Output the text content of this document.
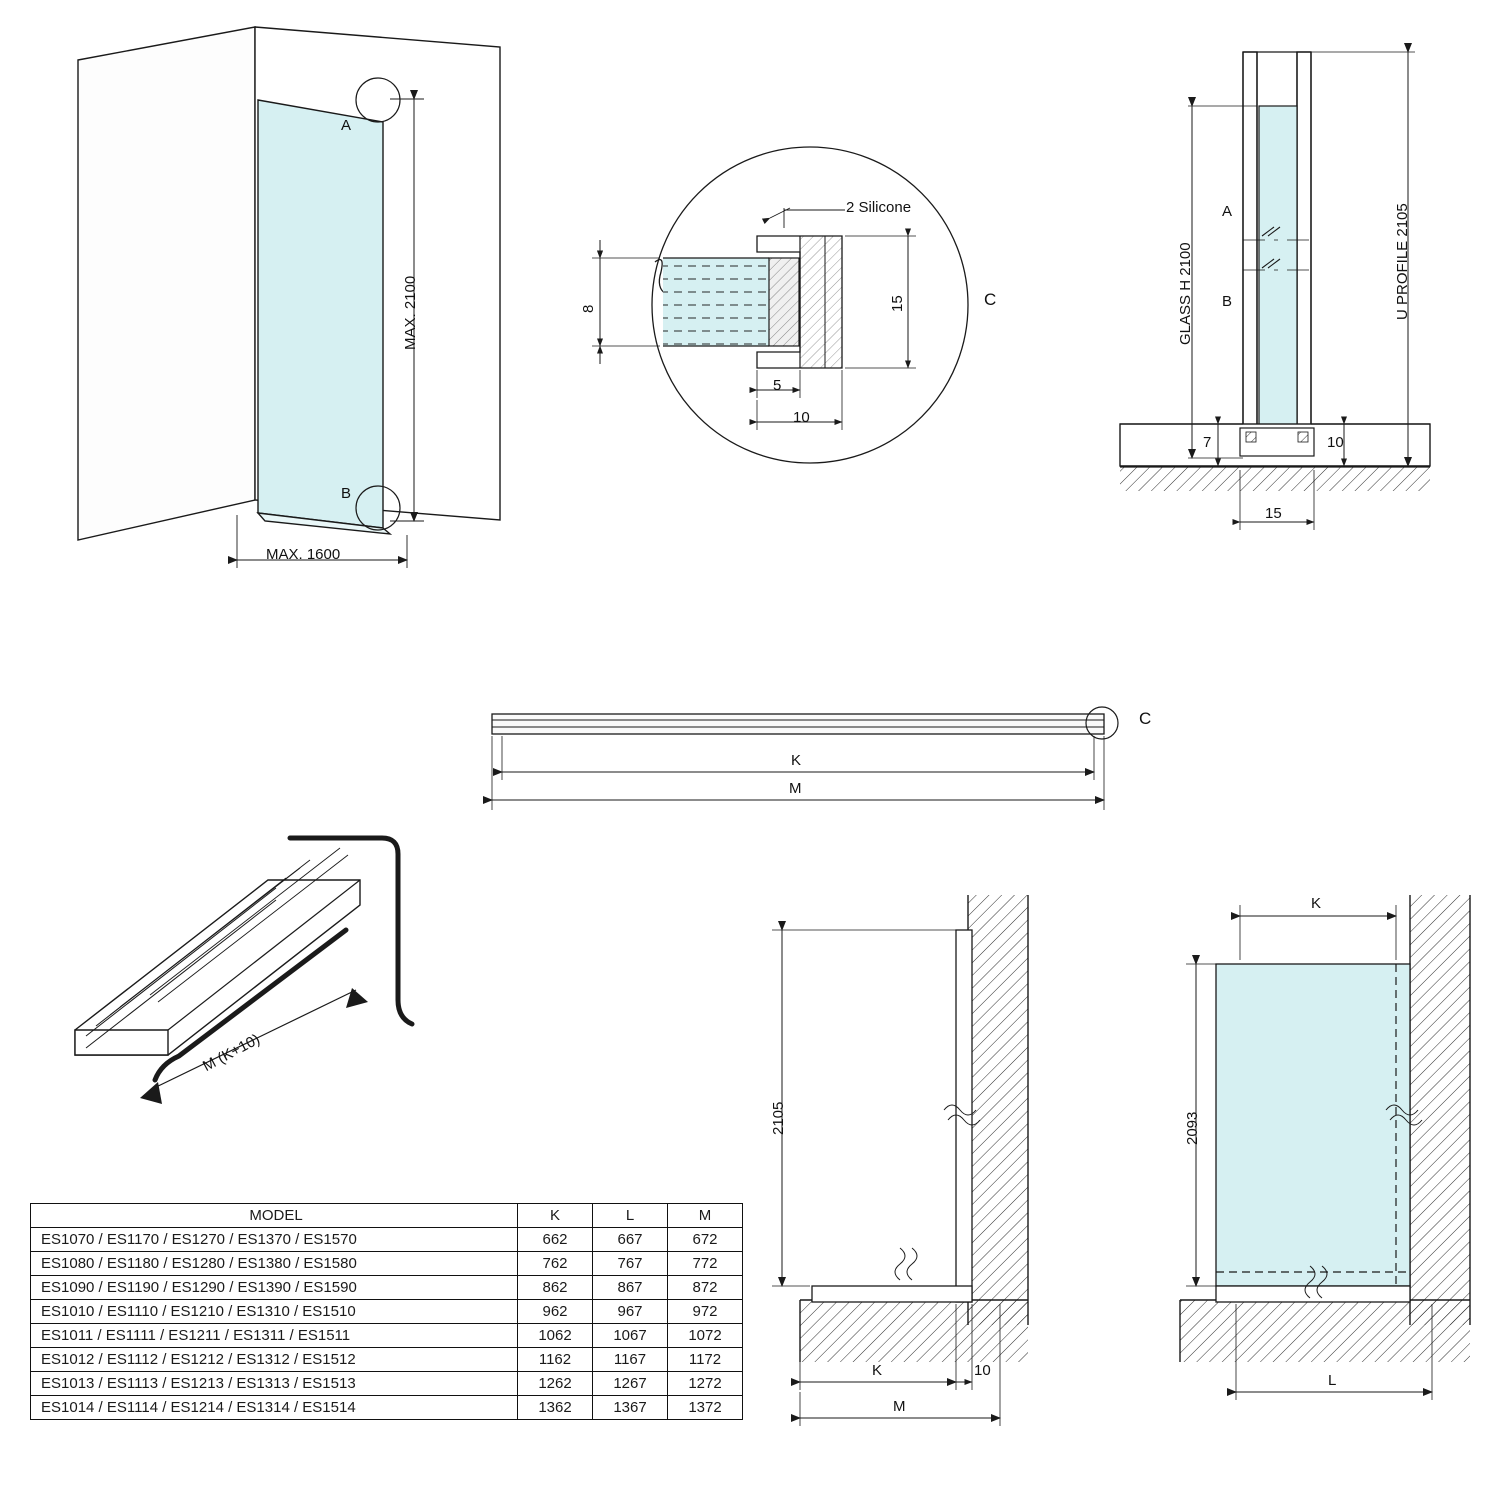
A
B
MAX. 2100
MAX. 1600
C
2 Silicone
8	15
5
10
GLASS H 2100	U PROFILE 2105
A
B
7	10
15
C
K
M
M (K+10)
2105
K	10
M
K
2093
L
MODEL	K	L	M
ES1070 / ES1170 / ES1270 / ES1370 / ES1570	662	667	672
ES1080 / ES1180 / ES1280 / ES1380 / ES1580	762	767	772
ES1090 / ES1190 / ES1290 / ES1390 / ES1590	862	867	872
ES1010 / ES1110 / ES1210 / ES1310 / ES1510	962	967	972
ES1011 / ES1111 / ES1211 / ES1311 / ES1511	1062	1067	1072
ES1012 / ES1112 / ES1212 / ES1312 / ES1512	1162	1167	1172
ES1013 / ES1113 / ES1213 / ES1313 / ES1513	1262	1267	1272
ES1014 / ES1114 / ES1214 / ES1314 / ES1514	1362	1367	1372
